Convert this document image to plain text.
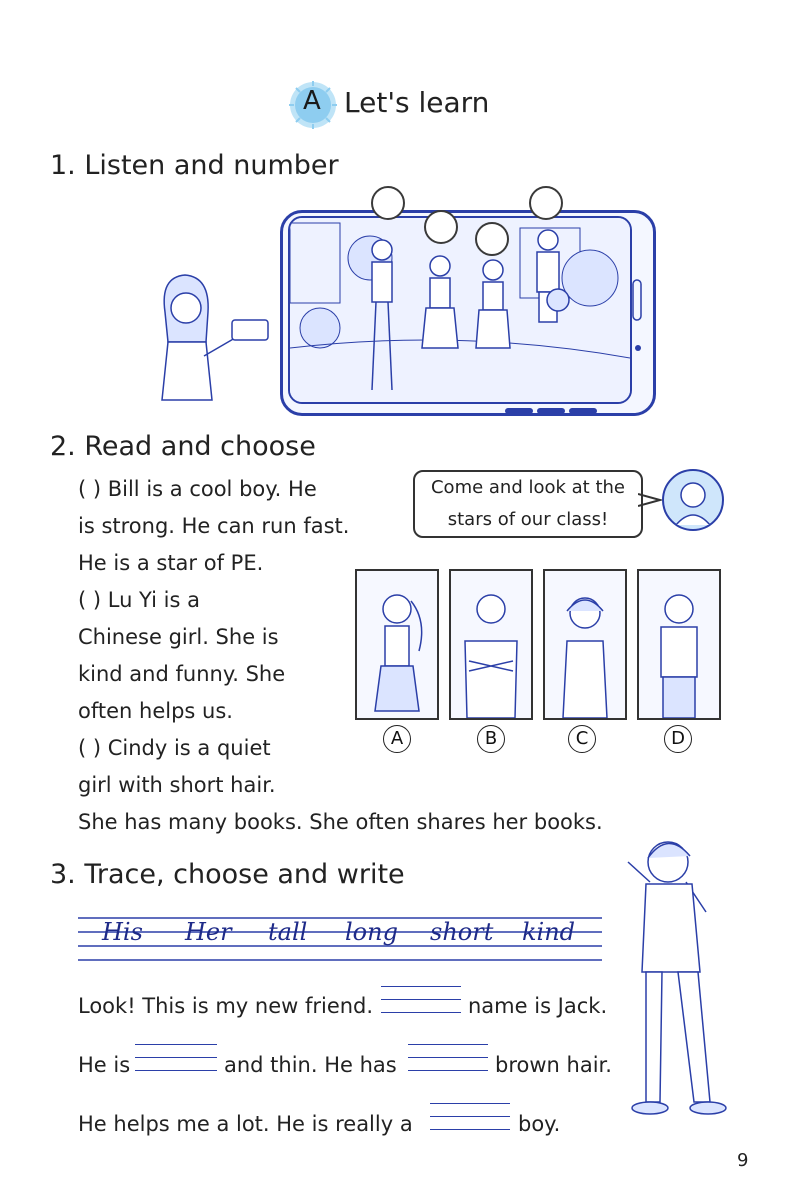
A Let's learn
1. Listen and number
2. Read and choose
( ) Bill is a cool boy. He
is strong. He can run fast.
He is a star of PE.
( ) Lu Yi is a
Chinese girl. She is
kind and funny. She
often helps us.
( ) Cindy is a quiet
girl with short hair.
She has many books. She often shares her books.
Come and look at the
stars of our class!
A	B	C	D
3. Trace, choose and write
His Her tall long short kind
Look! This is my new friend.	name is Jack.
He is	and thin. He has	brown hair.
He helps me a lot. He is really a	boy.
9
